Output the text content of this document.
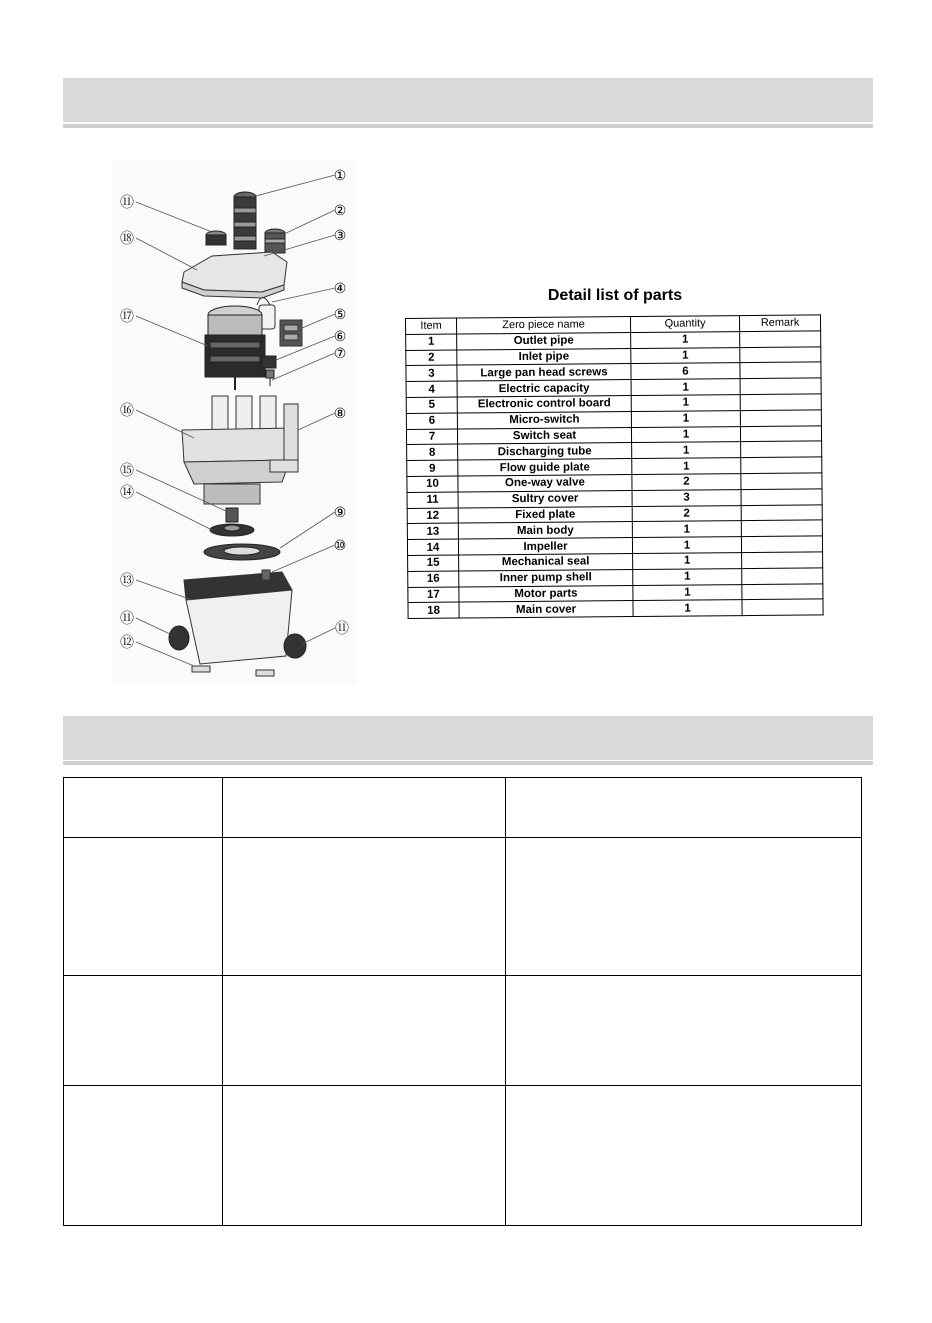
①
②
③
④
⑤
⑥
⑦
⑧
⑨
⑩
⑪
⑪
⑪
⑫
⑬
⑭
⑮
⑯
⑰
⑱
Detail list of parts
Item	Zero piece name	Quantity	Remark
1	Outlet pipe	1	
2	Inlet pipe	1	
3	Large pan head screws	6	
4	Electric capacity	1	
5	Electronic control board	1	
6	Micro-switch	1	
7	Switch seat	1	
8	Discharging tube	1	
9	Flow guide plate	1	
10	One-way valve	2	
11	Sultry cover	3	
12	Fixed plate	2	
13	Main body	1	
14	Impeller	1	
15	Mechanical seal	1	
16	Inner pump shell	1	
17	Motor parts	1	
18	Main cover	1	
